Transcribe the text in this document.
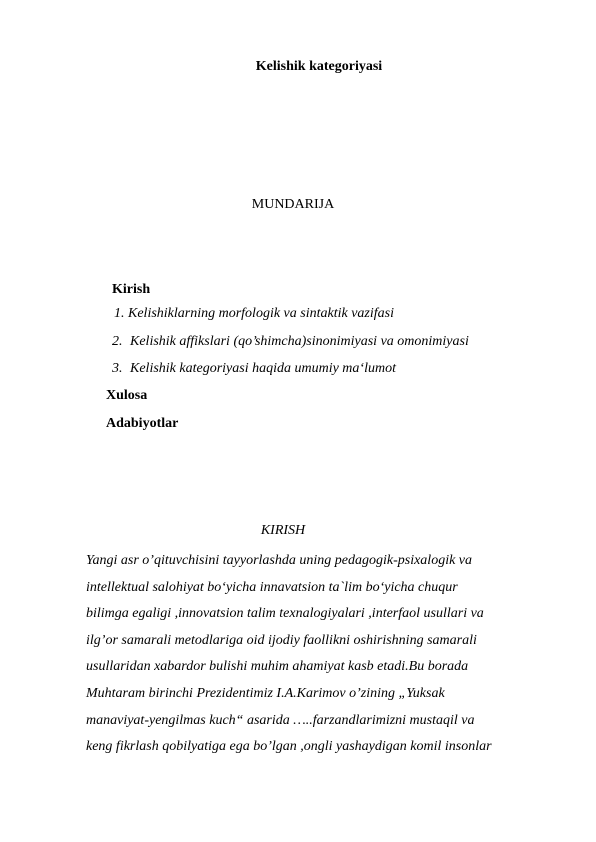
Kelishik kategoriyasi
MUNDARIJA
Kirish
1. Kelishiklarning morfologik va sintaktik vazifasi
2. Kelishik affikslari (qo’shimcha)sinonimiyasi va omonimiyasi
3. Kelishik kategoriyasi haqida umumiy ma‘lumot
Xulosa
Adabiyotlar
KIRISH
Yangi asr o’qituvchisini tayyorlashda uning pedagogik-psixalogik va
intellektual salohiyat bo‘yicha innavatsion ta`lim bo‘yicha chuqur
bilimga egaligi ,innovatsion talim texnalogiyalari ,interfaol usullari va
ilg’or samarali metodlariga oid ijodiy faollikni oshirishning samarali
usullaridan xabardor bulishi muhim ahamiyat kasb etadi.Bu borada
Muhtaram birinchi Prezidentimiz I.A.Karimov o’zining „Yuksak
manaviyat-yengilmas kuch“ asarida …..farzandlarimizni mustaqil va
keng fikrlash qobilyatiga ega bo’lgan ,ongli yashaydigan komil insonlar
